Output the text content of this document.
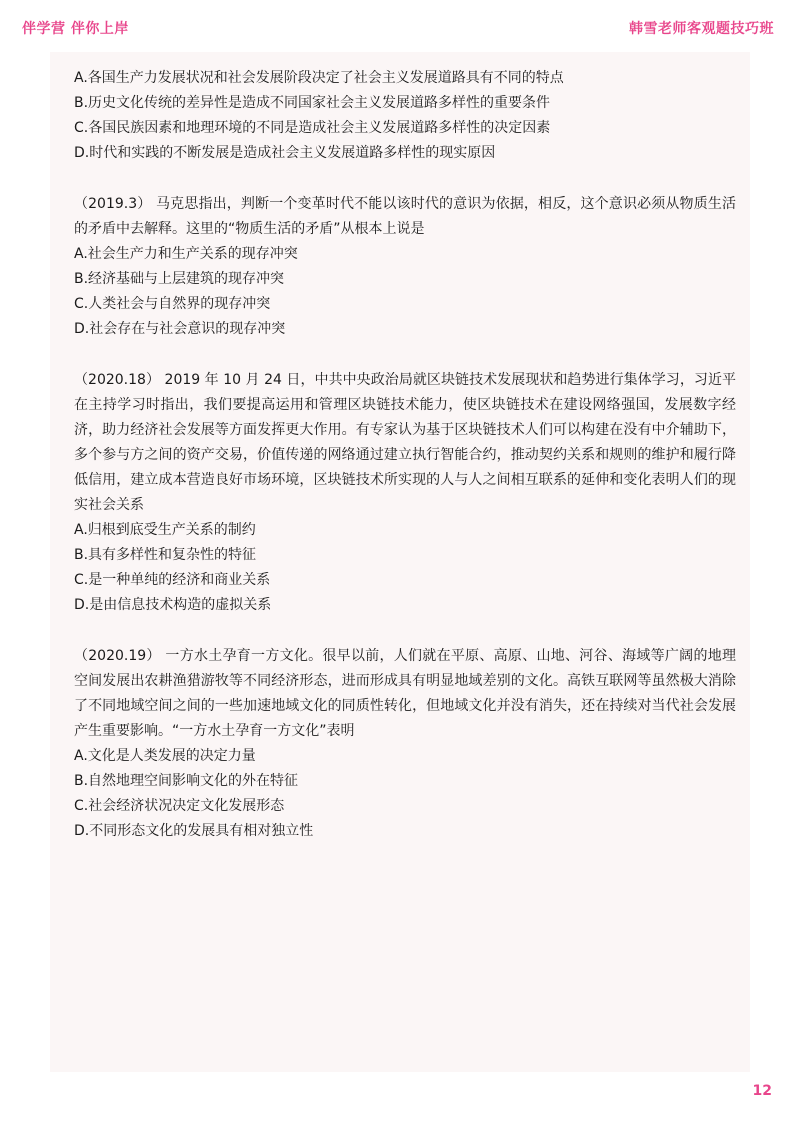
伴学营 伴你上岸	韩雪老师客观题技巧班
A.各国生产力发展状况和社会发展阶段决定了社会主义发展道路具有不同的特点
B.历史文化传统的差异性是造成不同国家社会主义发展道路多样性的重要条件
C.各国民族因素和地理环境的不同是造成社会主义发展道路多样性的决定因素
D.时代和实践的不断发展是造成社会主义发展道路多样性的现实原因
（2019.3） 马克思指出，判断一个变革时代不能以该时代的意识为依据，相反，这个意识必须从物质生活的矛盾中去解释。这里的“物质生活的矛盾”从根本上说是
A.社会生产力和生产关系的现存冲突
B.经济基础与上层建筑的现存冲突
C.人类社会与自然界的现存冲突
D.社会存在与社会意识的现存冲突
（2020.18） 2019 年 10 月 24 日，中共中央政治局就区块链技术发展现状和趋势进行集体学习，习近平在主持学习时指出，我们要提高运用和管理区块链技术能力，使区块链技术在建设网络强国，发展数字经济，助力经济社会发展等方面发挥更大作用。有专家认为基于区块链技术人们可以构建在没有中介辅助下，多个参与方之间的资产交易，价值传递的网络通过建立执行智能合约，推动契约关系和规则的维护和履行降低信用，建立成本营造良好市场环境，区块链技术所实现的人与人之间相互联系的延伸和变化表明人们的现实社会关系
A.归根到底受生产关系的制约
B.具有多样性和复杂性的特征
C.是一种单纯的经济和商业关系
D.是由信息技术构造的虚拟关系
（2020.19） 一方水土孕育一方文化。很早以前，人们就在平原、高原、山地、河谷、海域等广阔的地理空间发展出农耕渔猎游牧等不同经济形态，进而形成具有明显地域差别的文化。高铁互联网等虽然极大消除了不同地域空间之间的一些加速地域文化的同质性转化，但地域文化并没有消失，还在持续对当代社会发展产生重要影响。“一方水土孕育一方文化”表明
A.文化是人类发展的决定力量
B.自然地理空间影响文化的外在特征
C.社会经济状况决定文化发展形态
D.不同形态文化的发展具有相对独立性
12
